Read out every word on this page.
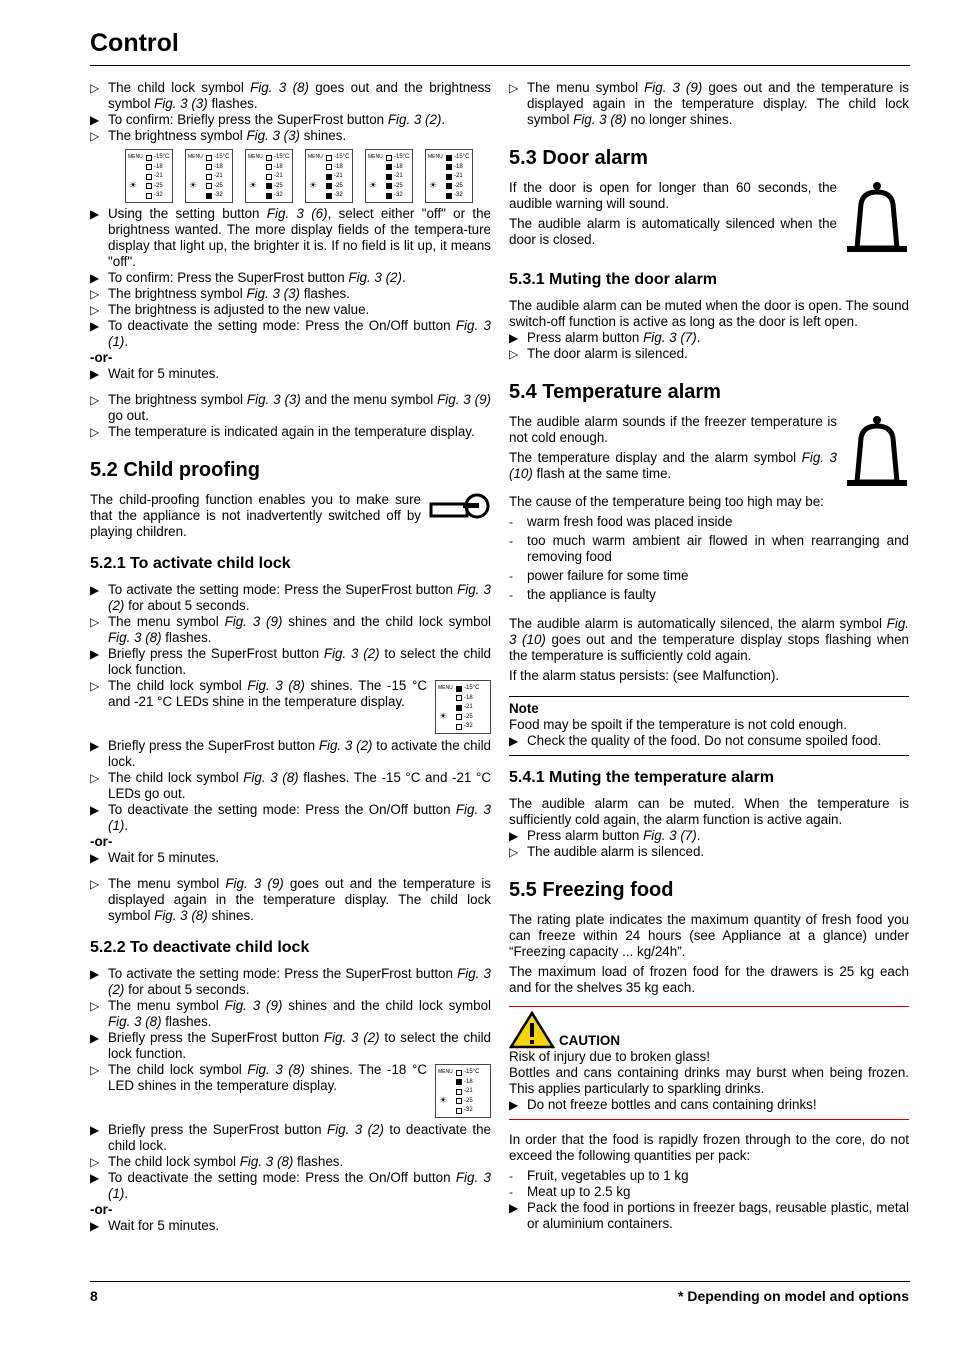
Control
▷ The child lock symbol Fig. 3 (8) goes out and the brightness symbol Fig. 3 (3) flashes.
▶ To confirm: Briefly press the SuperFrost button Fig. 3 (2).
▷ The brightness symbol Fig. 3 (3) shines.
MENU
☀
-15°C
-18
-21
-25
-32
MENU
☀
-15°C
-18
-21
-25
-32
MENU
☀
-15°C
-18
-21
-25
-32
MENU
☀
-15°C
-18
-21
-25
-32
MENU
☀
-15°C
-18
-21
-25
-32
MENU
☀
-15°C
-18
-21
-25
-32
▶ Using the setting button Fig. 3 (6), select either "off" or the brightness wanted. The more display fields of the tempera-ture display that light up, the brighter it is. If no field is lit up, it means "off".
▶ To confirm: Press the SuperFrost button Fig. 3 (2).
▷ The brightness symbol Fig. 3 (3) flashes.
▷ The brightness is adjusted to the new value.
▶ To deactivate the setting mode: Press the On/Off button Fig. 3 (1).
-or-
▶ Wait for 5 minutes.
▷ The brightness symbol Fig. 3 (3) and the menu symbol Fig. 3 (9) go out.
▷ The temperature is indicated again in the temperature display.
5.2 Child proofing

The child-proofing function enables you to make sure that the appliance is not inadvertently switched off by playing children.

5.2.1 To activate child lock
▶ To activate the setting mode: Press the SuperFrost button Fig. 3 (2) for about 5 seconds.
▷ The menu symbol Fig. 3 (9) shines and the child lock symbol Fig. 3 (8) flashes.
▶ Briefly press the SuperFrost button Fig. 3 (2) to select the child lock function.
▷ The child lock symbol Fig. 3 (8) shines. The -15 °C and -21 °C LEDs shine in the temperature display.
MENU
☀
-15°C
-18
-21
-25
-32
▶ Briefly press the SuperFrost button Fig. 3 (2) to activate the child lock.
▷ The child lock symbol Fig. 3 (8) flashes. The -15 °C and -21 °C LEDs go out.
▶ To deactivate the setting mode: Press the On/Off button Fig. 3 (1).
-or-
▶ Wait for 5 minutes.
▷ The menu symbol Fig. 3 (9) goes out and the temperature is displayed again in the temperature display. The child lock symbol Fig. 3 (8) shines.
5.2.2 To deactivate child lock
▶ To activate the setting mode: Press the SuperFrost button Fig. 3 (2) for about 5 seconds.
▷ The menu symbol Fig. 3 (9) shines and the child lock symbol Fig. 3 (8) flashes.
▶ Briefly press the SuperFrost button Fig. 3 (2) to select the child lock function.
▷ The child lock symbol Fig. 3 (8) shines. The -18 °C LED shines in the temperature display.
MENU
☀
-15°C
-18
-21
-25
-32
▶ Briefly press the SuperFrost button Fig. 3 (2) to deactivate the child lock.
▷ The child lock symbol Fig. 3 (8) flashes.
▶ To deactivate the setting mode: Press the On/Off button Fig. 3 (1).
-or-
▶ Wait for 5 minutes.
▷ The menu symbol Fig. 3 (9) goes out and the temperature is displayed again in the temperature display. The child lock symbol Fig. 3 (8) no longer shines.
5.3 Door alarm

If the door is open for longer than 60 seconds, the audible warning will sound.

The audible alarm is automatically silenced when the door is closed.

5.3.1 Muting the door alarm

The audible alarm can be muted when the door is open. The sound switch-off function is active as long as the door is left open.

▶ Press alarm button Fig. 3 (7).
▷ The door alarm is silenced.
5.4 Temperature alarm

The audible alarm sounds if the freezer temperature is not cold enough.

The temperature display and the alarm symbol Fig. 3 (10) flash at the same time.

The cause of the temperature being too high may be:

-	warm fresh food was placed inside
-	too much warm ambient air flowed in when rearranging and removing food
-	power failure for some time
-	the appliance is faulty

The audible alarm is automatically silenced, the alarm symbol Fig. 3 (10) goes out and the temperature display stops flashing when the temperature is sufficiently cold again.

If the alarm status persists: (see Malfunction).

Note

Food may be spoilt if the temperature is not cold enough.

▶ Check the quality of the food. Do not consume spoiled food.
5.4.1 Muting the temperature alarm

The audible alarm can be muted. When the temperature is sufficiently cold again, the alarm function is active again.

▶ Press alarm button Fig. 3 (7).
▷ The audible alarm is silenced.
5.5 Freezing food

The rating plate indicates the maximum quantity of fresh food you can freeze within 24 hours (see Appliance at a glance) under “Freezing capacity ... kg/24h”.

The maximum load of frozen food for the drawers is 25 kg each and for the shelves 35 kg each.

CAUTION

Risk of injury due to broken glass!

Bottles and cans containing drinks may burst when being frozen. This applies particularly to sparkling drinks.

▶ Do not freeze bottles and cans containing drinks!

In order that the food is rapidly frozen through to the core, do not exceed the following quantities per pack:

-	Fruit, vegetables up to 1 kg
-	Meat up to 2.5 kg
▶ Pack the food in portions in freezer bags, reusable plastic, metal or aluminium containers.
8	* Depending on model and options
